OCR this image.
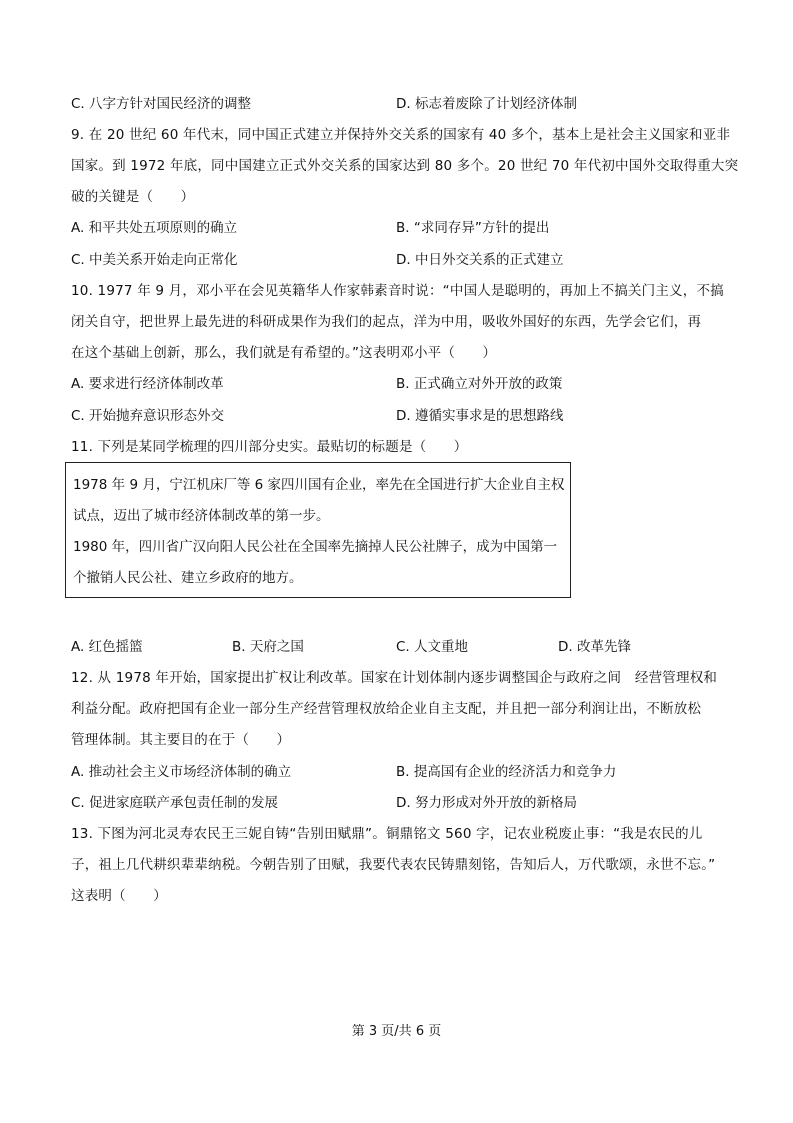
C. 八字方针对国民经济的调整	D. 标志着废除了计划经济体制
9. 在 20 世纪 60 年代末，同中国正式建立并保持外交关系的国家有 40 多个，基本上是社会主义国家和亚非
国家。到 1972 年底，同中国建立正式外交关系的国家达到 80 多个。20 世纪 70 年代初中国外交取得重大突
破的关键是（　　）
A. 和平共处五项原则的确立	B. “求同存异”方针的提出
C. 中美关系开始走向正常化	D. 中日外交关系的正式建立
10. 1977 年 9 月，邓小平在会见英籍华人作家韩素音时说：“中国人是聪明的，再加上不搞关门主义，不搞
闭关自守，把世界上最先进的科研成果作为我们的起点，洋为中用，吸收外国好的东西，先学会它们，再
在这个基础上创新，那么，我们就是有希望的。”这表明邓小平（　　）
A. 要求进行经济体制改革	B. 正式确立对外开放的政策
C. 开始抛弃意识形态外交	D. 遵循实事求是的思想路线
11. 下列是某同学梳理的四川部分史实。最贴切的标题是（　　）
1978 年 9 月，宁江机床厂等 6 家四川国有企业，率先在全国进行扩大企业自主权
试点，迈出了城市经济体制改革的第一步。
1980 年，四川省广汉向阳人民公社在全国率先摘掉人民公社牌子，成为中国第一
个撤销人民公社、建立乡政府的地方。
A. 红色摇篮	B. 天府之国	C. 人文重地	D. 改革先锋
12. 从 1978 年开始，国家提出扩权让利改革。国家在计划体制内逐步调整国企与政府之间　经营管理权和
利益分配。政府把国有企业一部分生产经营管理权放给企业自主支配，并且把一部分利润让出，不断放松
管理体制。其主要目的在于（　　）
A. 推动社会主义市场经济体制的确立	B. 提高国有企业的经济活力和竞争力
C. 促进家庭联产承包责任制的发展	D. 努力形成对外开放的新格局
13. 下图为河北灵寿农民王三妮自铸“告别田赋鼎”。铜鼎铭文 560 字，记农业税废止事：“我是农民的儿
子，祖上几代耕织辈辈纳税。今朝告别了田赋，我要代表农民铸鼎刻铭，告知后人，万代歌颂，永世不忘。”
这表明（　　）
第 3 页/共 6 页
